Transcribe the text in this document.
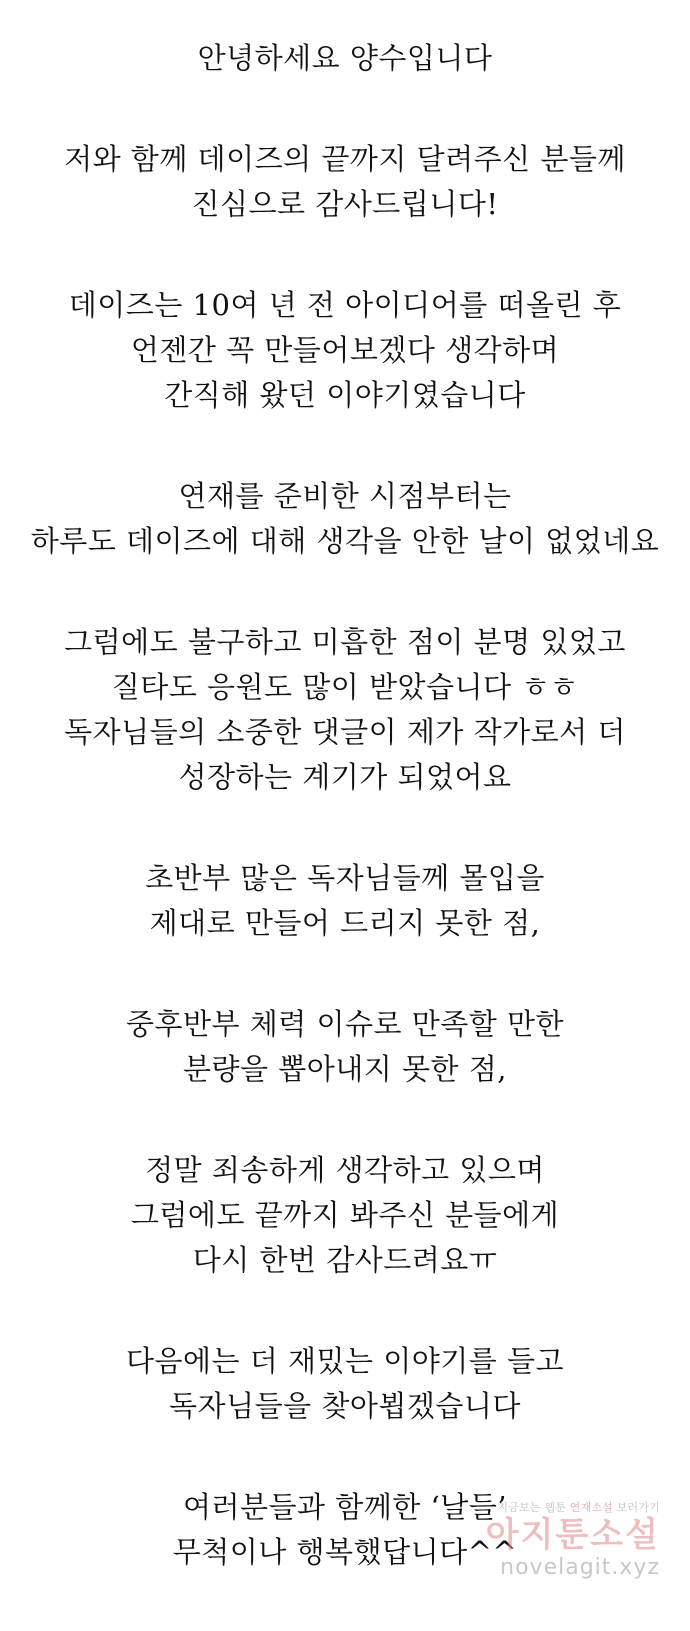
안녕하세요 양수입니다
저와 함께 데이즈의 끝까지 달려주신 분들께
진심으로 감사드립니다!
데이즈는 10여 년 전 아이디어를 떠올린 후
언젠간 꼭 만들어보겠다 생각하며
간직해 왔던 이야기였습니다
연재를 준비한 시점부터는
하루도 데이즈에 대해 생각을 안한 날이 없었네요
그럼에도 불구하고 미흡한 점이 분명 있었고
질타도 응원도 많이 받았습니다 ㅎㅎ
독자님들의 소중한 댓글이 제가 작가로서 더
성장하는 계기가 되었어요
초반부 많은 독자님들께 몰입을
제대로 만들어 드리지 못한 점,
중후반부 체력 이슈로 만족할 만한
분량을 뽑아내지 못한 점,
정말 죄송하게 생각하고 있으며
그럼에도 끝까지 봐주신 분들에게
다시 한번 감사드려요ㅠ
다음에는 더 재밌는 이야기를 들고
독자님들을 찾아뵙겠습니다
여러분들과 함께한 ‘날들’
무척이나 행복했답니다^^
지금보는 웹툰 연재소설 보러가기
아지툰소설
novelagit.xyz
